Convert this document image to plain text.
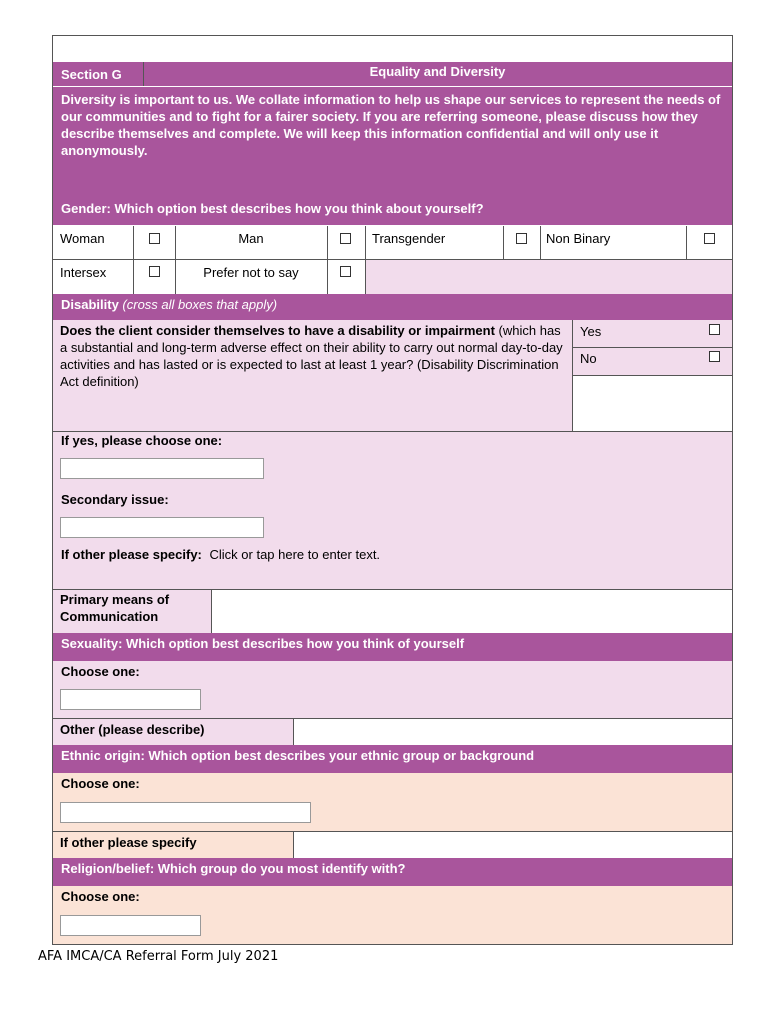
Section G	Equality and Diversity
Diversity is important to us. We collate information to help us shape our services to represent the needs of our communities and to fight for a fairer society. If you are referring someone, please discuss how they describe themselves and complete. We will keep this information confidential and will only use it anonymously.
Gender: Which option best describes how you think about yourself?
Woman	Man	Transgender	Non Binary
Intersex	Prefer not to say
Disability (cross all boxes that apply)
Does the client consider themselves to have a disability or impairment (which has a substantial and long-term adverse effect on their ability to carry out normal day-to-day activities and has lasted or is expected to last at least 1 year? (Disability Discrimination Act definition)
Yes
No
If yes, please choose one:
Secondary issue:
If other please specify: Click or tap here to enter text.
Primary means of Communication
Sexuality: Which option best describes how you think of yourself
Choose one:
Other (please describe)
Ethnic origin: Which option best describes your ethnic group or background
Choose one:
If other please specify
Religion/belief: Which group do you most identify with?
Choose one:
AFA IMCA/CA Referral Form July 2021
